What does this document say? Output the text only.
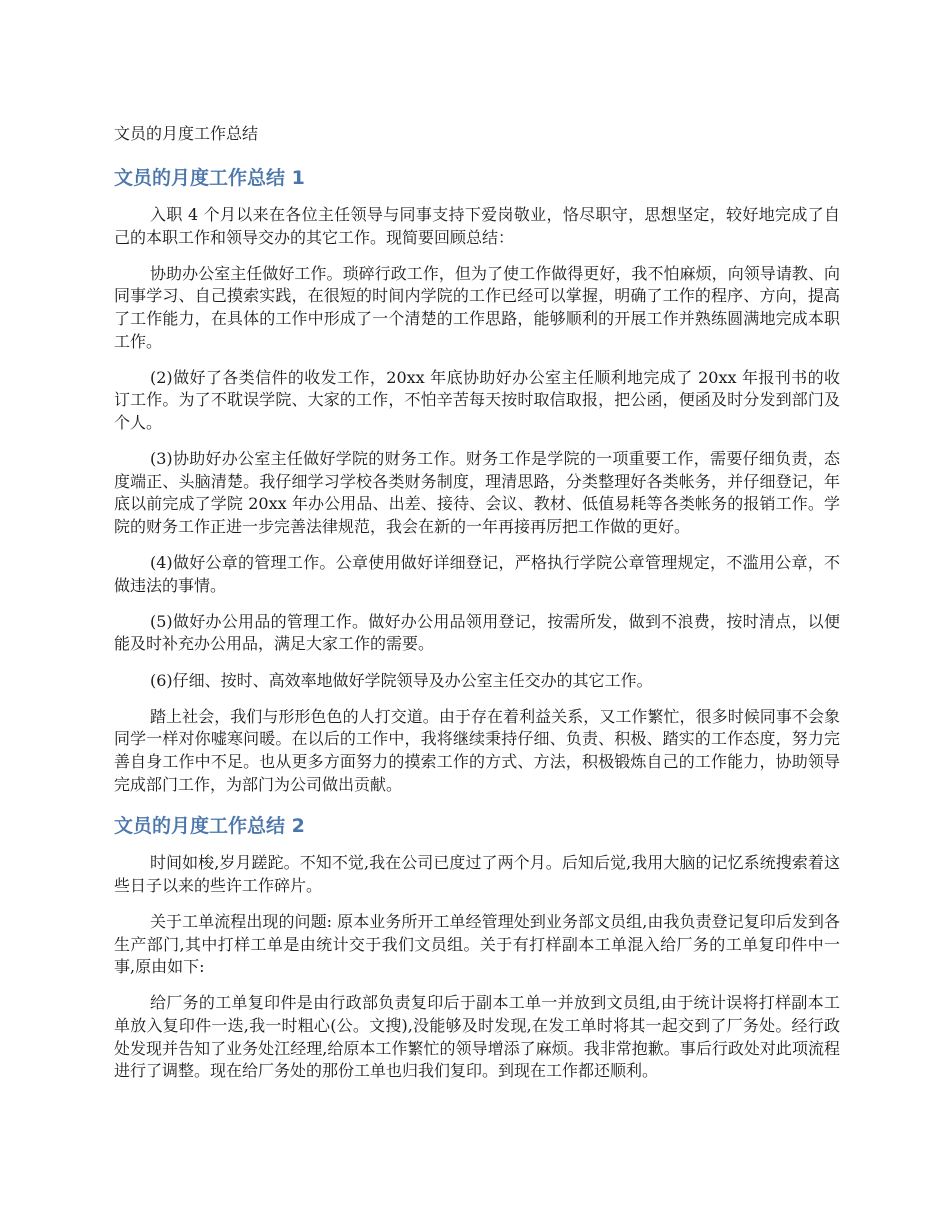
文员的月度工作总结
文员的月度工作总结 1

入职 4 个月以来在各位主任领导与同事支持下爱岗敬业，恪尽职守，思想坚定，较好地完成了自己的本职工作和领导交办的其它工作。现简要回顾总结：

协助办公室主任做好工作。琐碎行政工作，但为了使工作做得更好，我不怕麻烦，向领导请教、向同事学习、自己摸索实践，在很短的时间内学院的工作已经可以掌握，明确了工作的程序、方向，提高了工作能力，在具体的工作中形成了一个清楚的工作思路，能够顺利的开展工作并熟练圆满地完成本职工作。

(2)做好了各类信件的收发工作，20xx 年底协助好办公室主任顺利地完成了 20xx 年报刊书的收订工作。为了不耽误学院、大家的工作，不怕辛苦每天按时取信取报，把公函，便函及时分发到部门及个人。

(3)协助好办公室主任做好学院的财务工作。财务工作是学院的一项重要工作，需要仔细负责，态度端正、头脑清楚。我仔细学习学校各类财务制度，理清思路，分类整理好各类帐务，并仔细登记，年底以前完成了学院 20xx 年办公用品、出差、接待、会议、教材、低值易耗等各类帐务的报销工作。学院的财务工作正进一步完善法律规范，我会在新的一年再接再厉把工作做的更好。

(4)做好公章的管理工作。公章使用做好详细登记，严格执行学院公章管理规定，不滥用公章，不做违法的事情。

(5)做好办公用品的管理工作。做好办公用品领用登记，按需所发，做到不浪费，按时清点，以便能及时补充办公用品，满足大家工作的需要。

(6)仔细、按时、高效率地做好学院领导及办公室主任交办的其它工作。

踏上社会，我们与形形色色的人打交道。由于存在着利益关系，又工作繁忙，很多时候同事不会象同学一样对你嘘寒问暖。在以后的工作中，我将继续秉持仔细、负责、积极、踏实的工作态度，努力完善自身工作中不足。也从更多方面努力的摸索工作的方式、方法，积极锻炼自己的工作能力，协助领导完成部门工作，为部门为公司做出贡献。

文员的月度工作总结 2

时间如梭,岁月蹉跎。不知不觉,我在公司已度过了两个月。后知后觉,我用大脑的记忆系统搜索着这些日子以来的些许工作碎片。

关于工单流程出现的问题: 原本业务所开工单经管理处到业务部文员组,由我负责登记复印后发到各生产部门,其中打样工单是由统计交于我们文员组。关于有打样副本工单混入给厂务的工单复印件中一事,原由如下:

给厂务的工单复印件是由行政部负责复印后于副本工单一并放到文员组,由于统计误将打样副本工单放入复印件一迭,我一时粗心(公。文搜),没能够及时发现,在发工单时将其一起交到了厂务处。经行政处发现并告知了业务处江经理,给原本工作繁忙的领导增添了麻烦。我非常抱歉。事后行政处对此项流程进行了调整。现在给厂务处的那份工单也归我们复印。到现在工作都还顺利。
